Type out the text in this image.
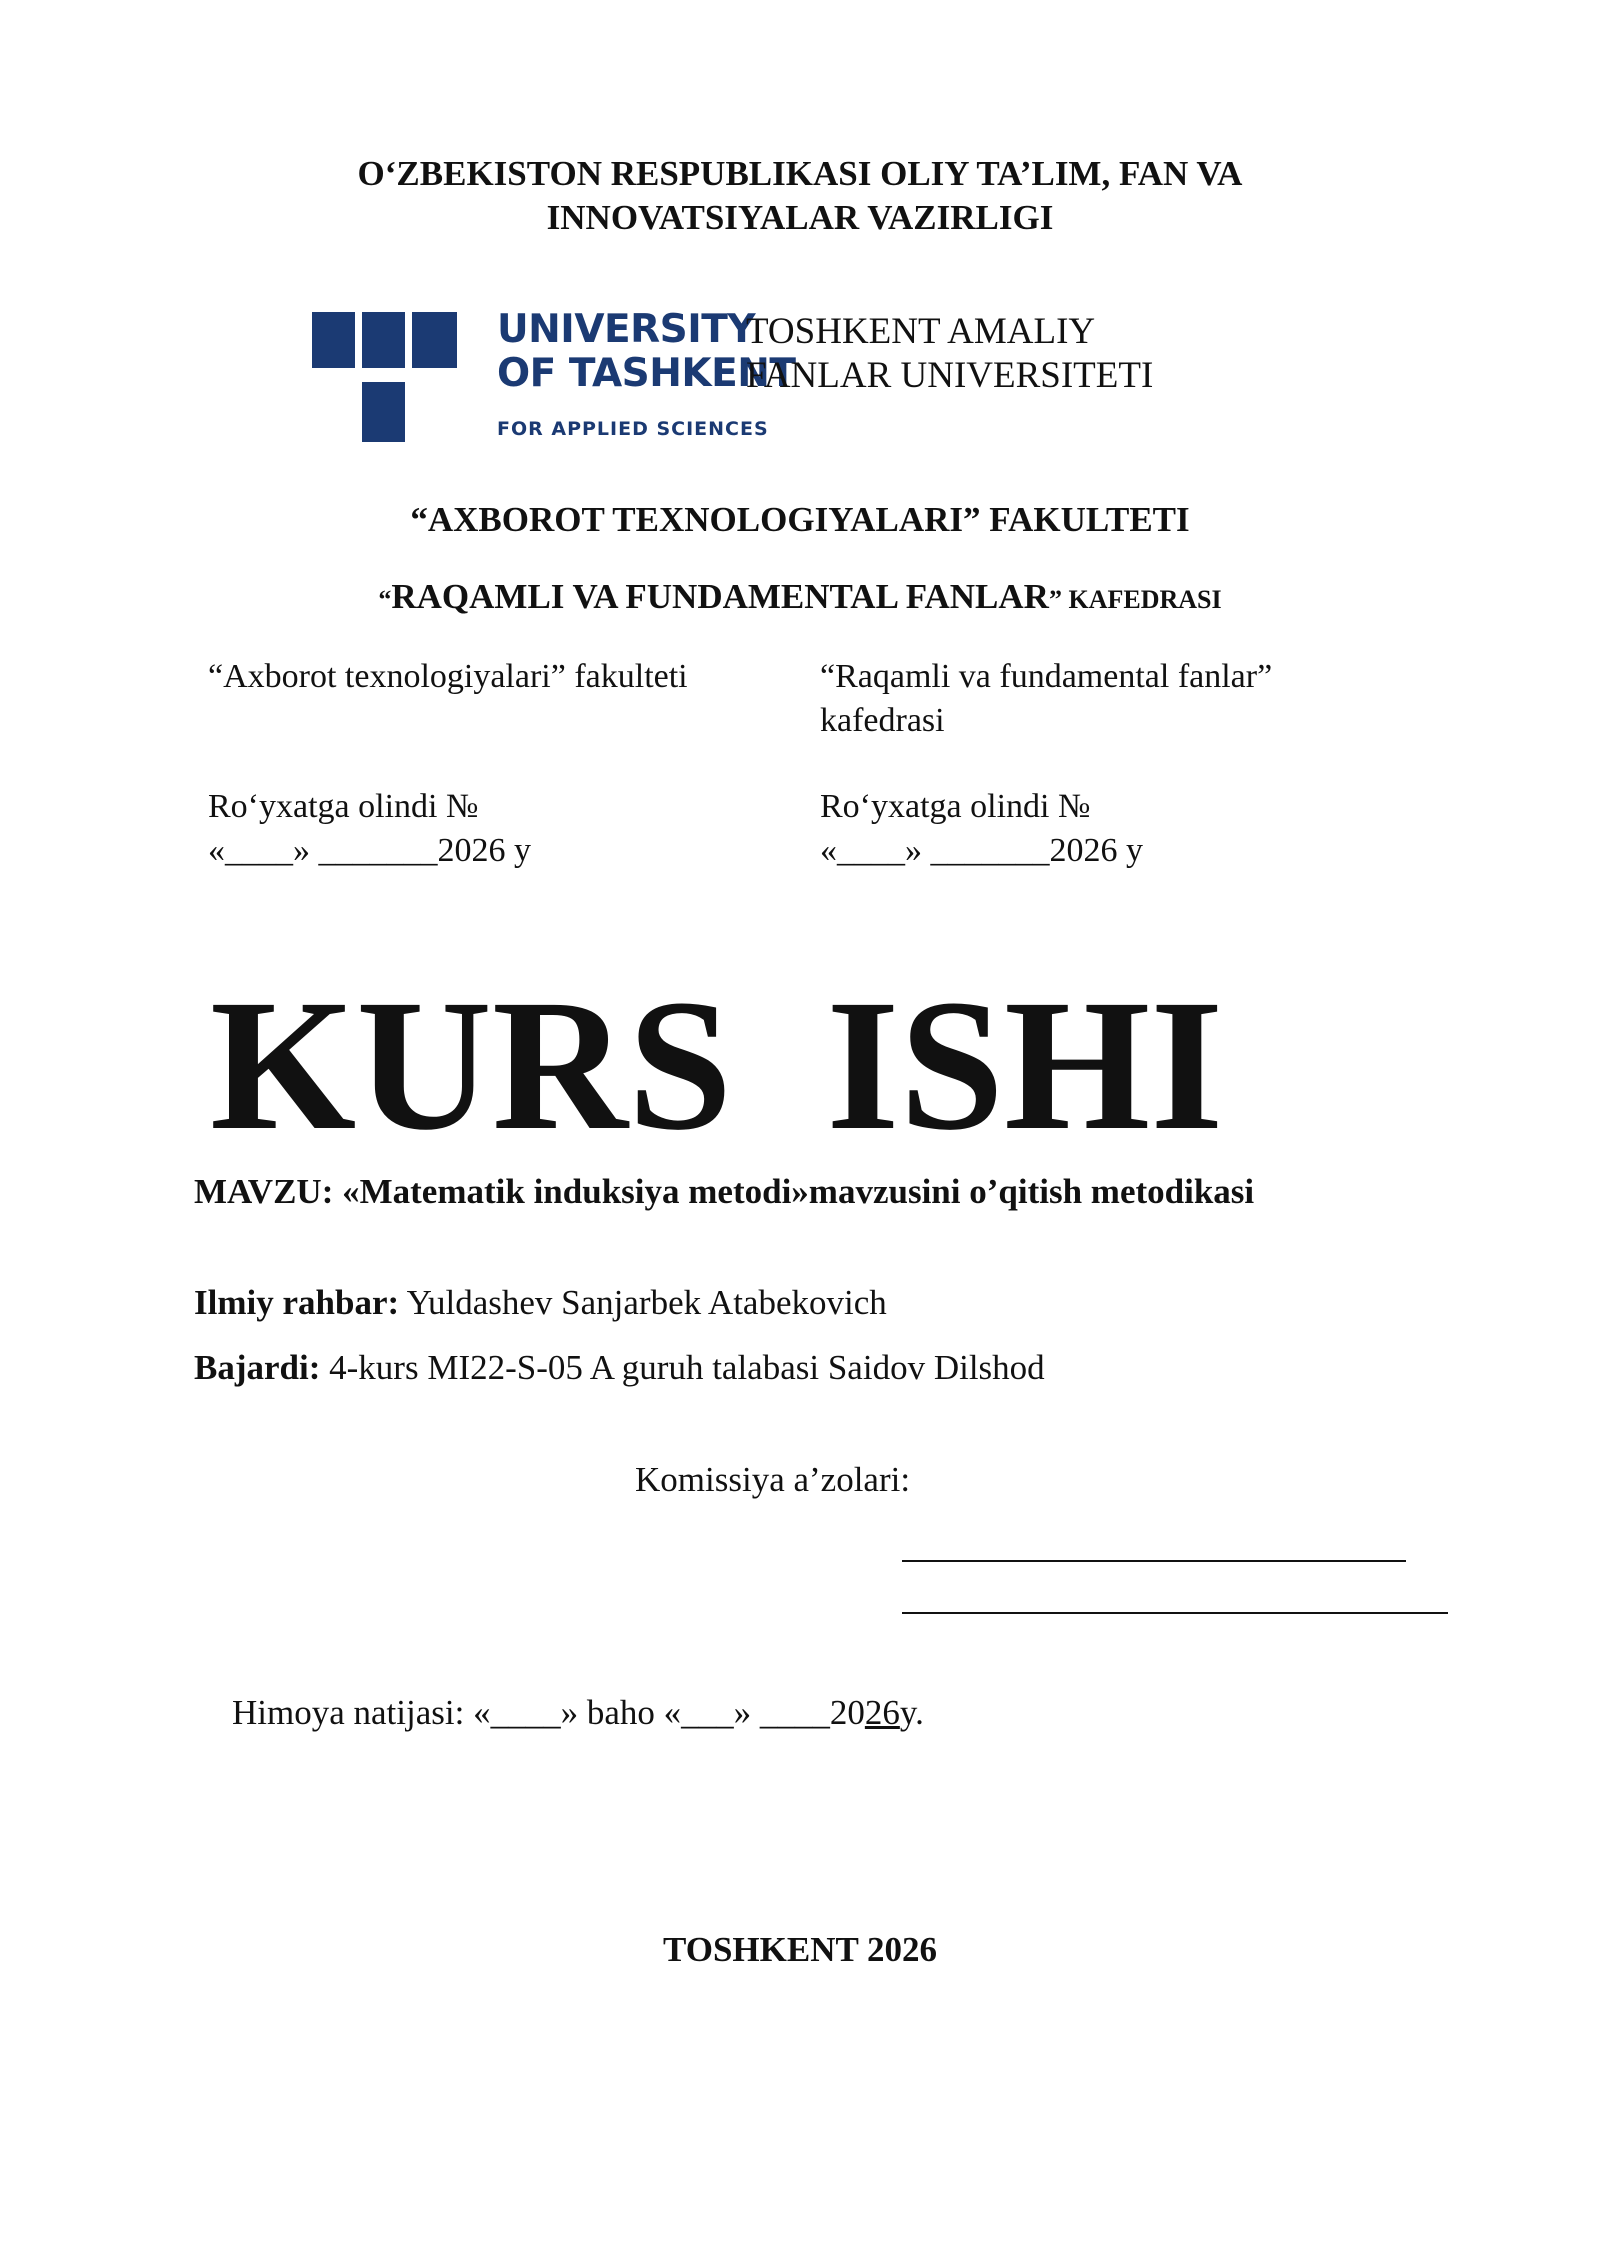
O‘ZBEKISTON RESPUBLIKASI OLIY TA’LIM, FAN VA
INNOVATSIYALAR VAZIRLIGI
UNIVERSITY
OF TASHKENT
FOR APPLIED SCIENCES
TOSHKENT AMALIY
FANLAR UNIVERSITETI
“AXBOROT TEXNOLOGIYALARI” FAKULTETI
“RAQAMLI VA FUNDAMENTAL FANLAR” KAFEDRASI
“Axborot texnologiyalari” fakulteti	“Raqamli va fundamental fanlar”
kafedrasi
Ro‘yxatga olindi №
«____» _______2026 y
Ro‘yxatga olindi №
«____» _______2026 y
KURS  ISHI
MAVZU: «Matematik induksiya metodi»mavzusini o’qitish metodikasi
Ilmiy rahbar: Yuldashev Sanjarbek Atabekovich
Bajardi: 4-kurs MI22-S-05 A guruh talabasi Saidov Dilshod
Komissiya a’zolari:
Himoya natijasi: «____» baho «___» ____2026y.
TOSHKENT 2026
